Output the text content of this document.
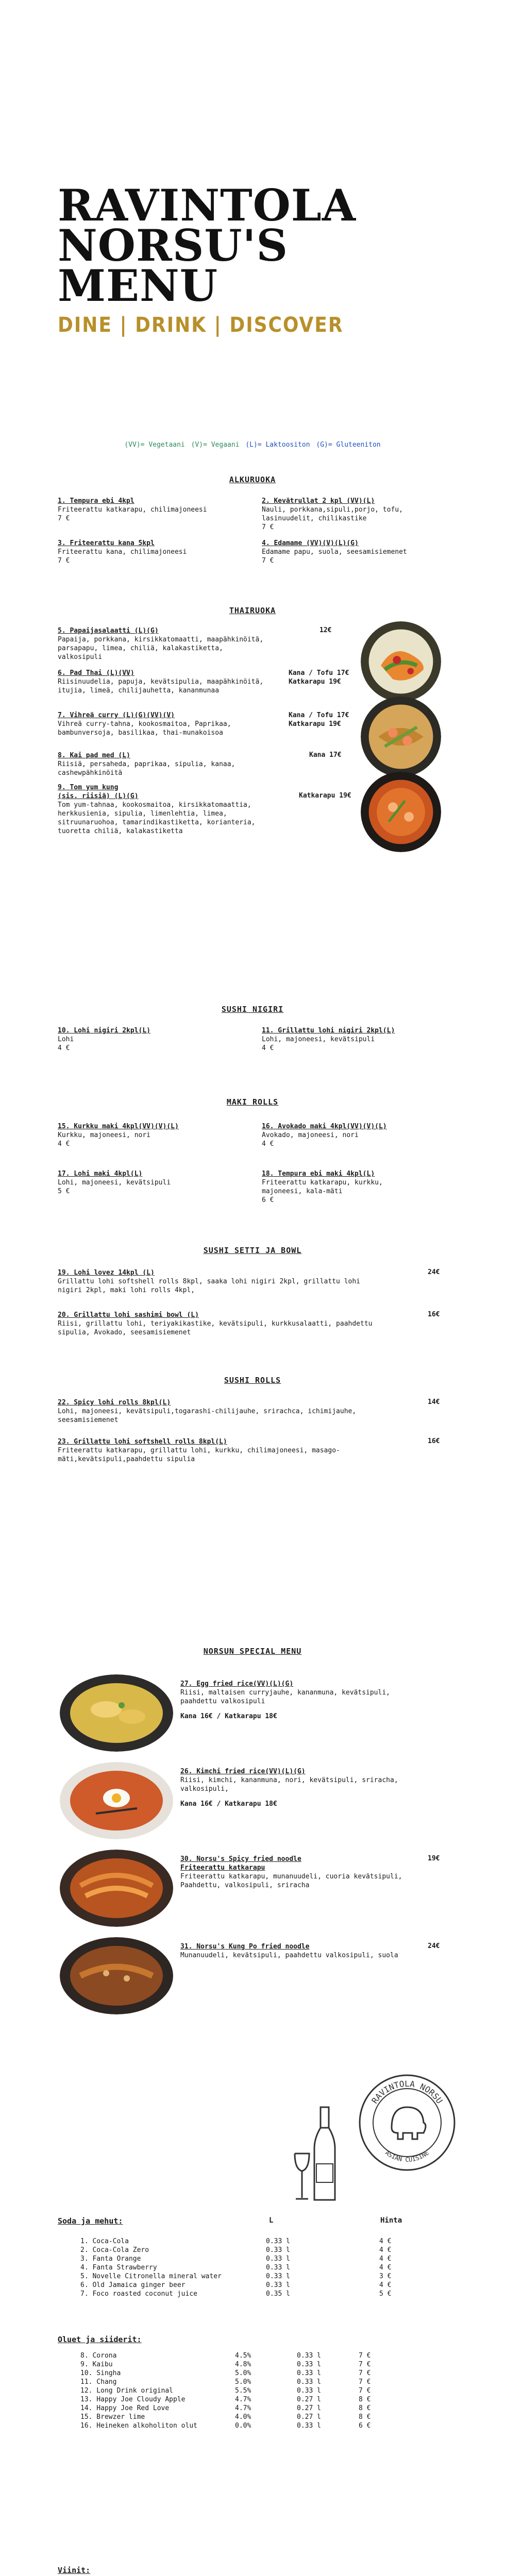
RAVINTOLA
NORSU'S
MENU
DINE | DRINK | DISCOVER
(VV)= Vegetaani (V)= Vegaani (L)= Laktoositon (G)= Gluteeniton
ALKURUOKA
1. Tempura ebi 4kpl
Friteerattu katkarapu, chilimajoneesi
7 €
2. Kevätrullat 2 kpl (VV)(L)
Nauli, porkkana,sipuli,porjo, tofu, lasinuudelit, chilikastike
7 €
3. Friteerattu kana 5kpl
Friteerattu kana, chilimajoneesi
7 €
4. Edamame (VV)(V)(L)(G)
Edamame papu, suola, seesamisiemenet
7 €
THAIRUOKA
5. Papaijasalaatti (L)(G)
Papaija, porkkana, kirsikkatomaatti, maapähkinöitä, parsapapu, limea, chiliä, kalakastiketta, valkosipuli
12€
6. Pad Thai (L)(VV)
Riisinuudelia, papuja, kevätsipulia, maapähkinöitä, itujia, limeä, chilijauhetta, kananmunaa
Kana / Tofu 17€
Katkarapu 19€
7. Vihreä curry (L)(G)(VV)(V)
Vihreä curry-tahna, kookosmaitoa, Paprikaa, bambunversoja, basilikaa, thai-munakoisoa
Kana / Tofu 17€
Katkarapu 19€
8. Kai pad med (L)
Riisiä, persaheda, paprikaa, sipulia, kanaa, cashewpähkinöitä
Kana 17€
9. Tom yum kung
(sis. riisiä) (L)(G)
Tom yum-tahnaa, kookosmaitoa, kirsikkatomaattia, herkkusienia, sipulia, limenlehtia, limea, sitruunaruohoa, tamarindikastiketta, korianteria, tuoretta chiliä, kalakastiketta
Katkarapu 19€
SUSHI NIGIRI
10. Lohi nigiri 2kpl(L)
Lohi
4 €
11. Grillattu lohi nigiri 2kpl(L)
Lohi, majoneesi, kevätsipuli
4 €
MAKI ROLLS
15. Kurkku maki 4kpl(VV)(V)(L)
Kurkku, majoneesi, nori
4 €
16. Avokado maki 4kpl(VV)(V)(L)
Avokado, majoneesi, nori
4 €
17. Lohi maki 4kpl(L)
Lohi, majoneesi, kevätsipuli
5 €
18. Tempura ebi maki 4kpl(L)
Friteerattu katkarapu, kurkku, majoneesi, kala-mäti
6 €
SUSHI SETTI JA BOWL
19. Lohi lovez 14kpl (L)
Grillattu lohi softshell rolls 8kpl, saaka lohi nigiri 2kpl, grillattu lohi nigiri 2kpl, maki lohi rolls 4kpl,
24€
20. Grillattu lohi sashimi bowl (L)
Riisi, grillattu lohi, teriyakikastike, kevätsipuli, kurkkusalaatti, paahdettu sipulia, Avokado, seesamisiemenet
16€
SUSHI ROLLS
22. Spicy lohi rolls 8kpl(L)
Lohi, majoneesi, kevätsipuli,togarashi-chilijauhe, srirachca, ichimijauhe, seesamisiemenet
14€
23. Grillattu lohi softshell rolls 8kpl(L)
Friteerattu katkarapu, grillattu lohi, kurkku, chilimajoneesi, masago-mäti,kevätsipuli,paahdettu sipulia
16€
NORSUN SPECIAL MENU
27. Egg fried rice(VV)(L)(G)
Riisi, maltaisen curryjauhe, kananmuna, kevätsipuli, paahdettu valkosipuli
Kana 16€ / Katkarapu 18€
26. Kimchi fried rice(VV)(L)(G)
Riisi, kimchi, kananmuna, nori, kevätsipuli, sriracha, valkosipuli,
Kana 16€ / Katkarapu 18€
30. Norsu's Spicy fried noodle
Friteerattu katkarapu
Friteerattu katkarapu, munanuudeli, cuoria kevätsipuli, Paahdettu, valkosipuli, sriracha
19€
31. Norsu's Kung Po fried noodle
Munanuudeli, kevätsipuli, paahdettu valkosipuli, suola
24€
RAVINTOLA NORSU
ASIAN CUISINE
Soda ja mehut:	L	Hinta
1. Coca-Cola	0.33 l	4 €
2. Coca-Cola Zero	0.33 l	4 €
3. Fanta Orange	0.33 l	4 €
4. Fanta Strawberry	0.33 l	4 €
5. Novelle Citronella mineral water	0.33 l	3 €
6. Old Jamaica ginger beer	0.33 l	4 €
7. Foco roasted coconut juice	0.35 l	5 €
Oluet ja siiderit:
8. Corona	4.5%	0.33 l	7 €
9. Kaibu	4.8%	0.33 l	7 €
10. Singha	5.0%	0.33 l	7 €
11. Chang	5.0%	0.33 l	7 €
12. Long Drink original	5.5%	0.33 l	7 €
13. Happy Joe Cloudy Apple	4.7%	0.27 l	8 €
14. Happy Joe Red Love	4.7%	0.27 l	8 €
15. Brewzer lime	4.0%	0.27 l	8 €
16. Heineken alkoholiton olut	0.0%	0.33 l	6 €
Viinit:
